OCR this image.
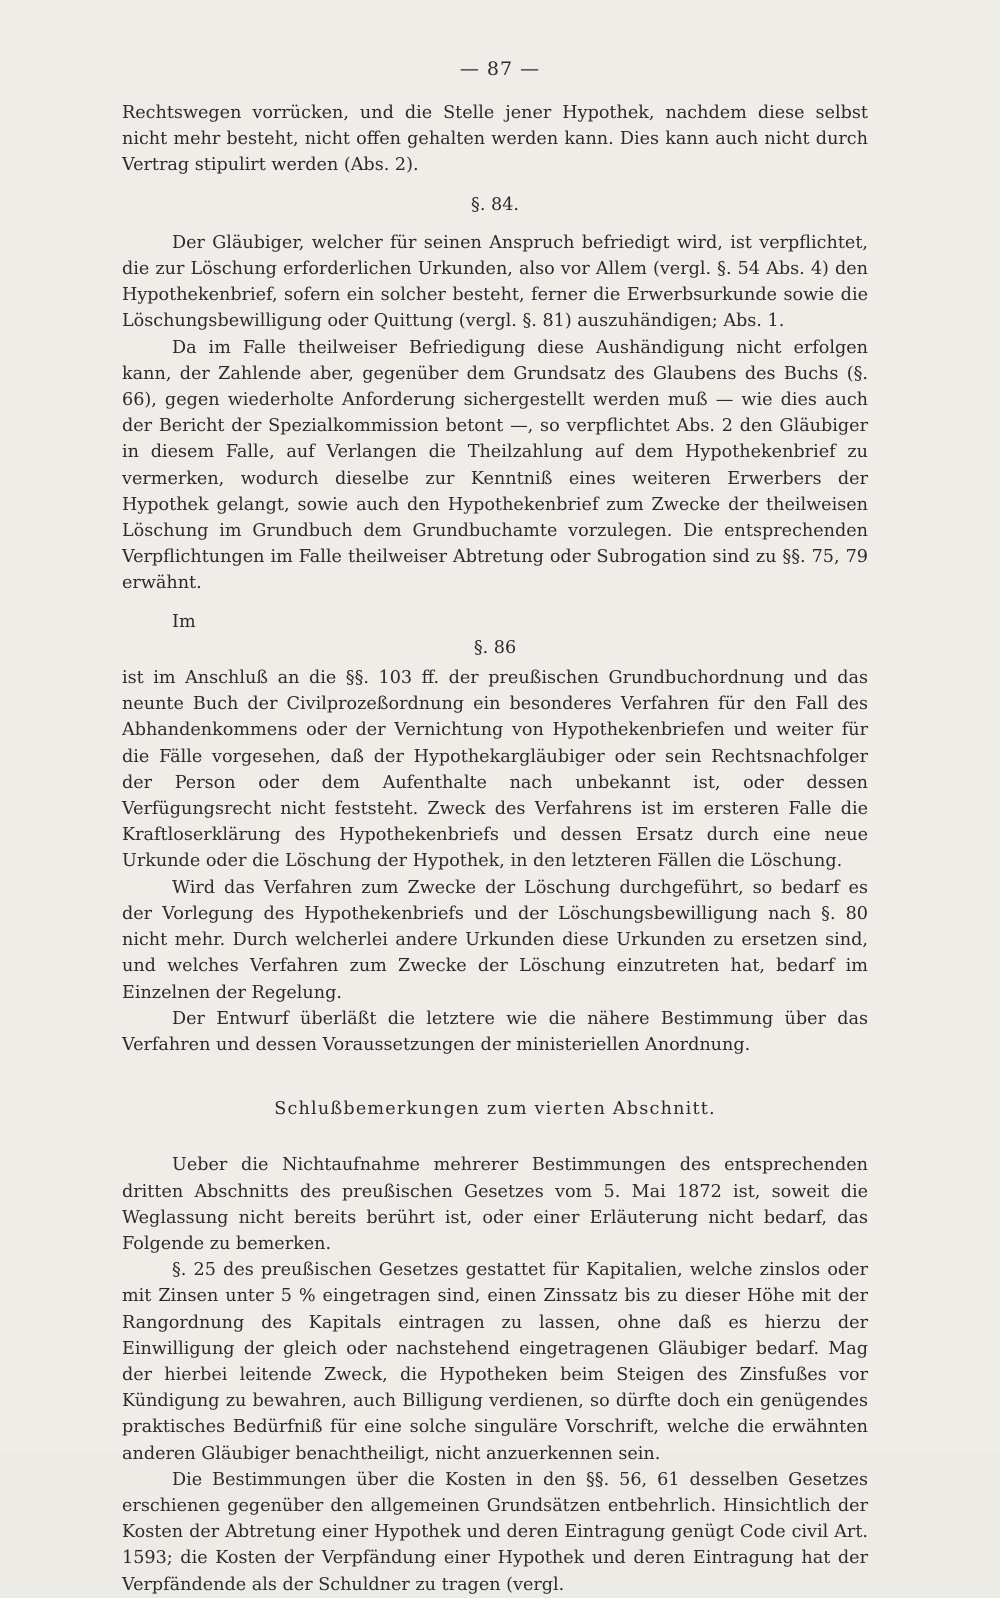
— 87 —

Rechtswegen vorrücken, und die Stelle jener Hypothek, nachdem diese selbst nicht mehr besteht, nicht offen gehalten werden kann. Dies kann auch nicht durch Vertrag stipulirt werden (Abs. 2).

§. 84.

Der Gläubiger, welcher für seinen Anspruch befriedigt wird, ist verpflichtet, die zur Löschung erforderlichen Urkunden, also vor Allem (vergl. §. 54 Abs. 4) den Hypothekenbrief, sofern ein solcher besteht, ferner die Erwerbsurkunde sowie die Löschungsbewilligung oder Quittung (vergl. §. 81) auszuhändigen; Abs. 1.

Da im Falle theilweiser Befriedigung diese Aushändigung nicht erfolgen kann, der Zahlende aber, gegenüber dem Grundsatz des Glaubens des Buchs (§. 66), gegen wiederholte Anforderung sichergestellt werden muß — wie dies auch der Bericht der Spezialkommission betont —, so verpflichtet Abs. 2 den Gläubiger in diesem Falle, auf Verlangen die Theilzahlung auf dem Hypothekenbrief zu vermerken, wodurch dieselbe zur Kenntniß eines weiteren Erwerbers der Hypothek gelangt, sowie auch den Hypothekenbrief zum Zwecke der theilweisen Löschung im Grundbuch dem Grundbuchamte vorzulegen. Die entsprechenden Verpflichtungen im Falle theilweiser Abtretung oder Subrogation sind zu §§. 75, 79 erwähnt.

Im

§. 86

ist im Anschluß an die §§. 103 ff. der preußischen Grundbuchordnung und das neunte Buch der Civilprozeßordnung ein besonderes Verfahren für den Fall des Abhandenkommens oder der Vernichtung von Hypothekenbriefen und weiter für die Fälle vorgesehen, daß der Hypothekargläubiger oder sein Rechtsnachfolger der Person oder dem Aufenthalte nach unbekannt ist, oder dessen Verfügungsrecht nicht feststeht. Zweck des Verfahrens ist im ersteren Falle die Kraftloserklärung des Hypothekenbriefs und dessen Ersatz durch eine neue Urkunde oder die Löschung der Hypothek, in den letzteren Fällen die Löschung.

Wird das Verfahren zum Zwecke der Löschung durchgeführt, so bedarf es der Vorlegung des Hypothekenbriefs und der Löschungsbewilligung nach §. 80 nicht mehr. Durch welcherlei andere Urkunden diese Urkunden zu ersetzen sind, und welches Verfahren zum Zwecke der Löschung einzutreten hat, bedarf im Einzelnen der Regelung.

Der Entwurf überläßt die letztere wie die nähere Bestimmung über das Verfahren und dessen Voraussetzungen der ministeriellen Anordnung.

Schlußbemerkungen zum vierten Abschnitt.

Ueber die Nichtaufnahme mehrerer Bestimmungen des entsprechenden dritten Abschnitts des preußischen Gesetzes vom 5. Mai 1872 ist, soweit die Weglassung nicht bereits berührt ist, oder einer Erläuterung nicht bedarf, das Folgende zu bemerken.

§. 25 des preußischen Gesetzes gestattet für Kapitalien, welche zinslos oder mit Zinsen unter 5 % eingetragen sind, einen Zinssatz bis zu dieser Höhe mit der Rangordnung des Kapitals eintragen zu lassen, ohne daß es hierzu der Einwilligung der gleich oder nachstehend eingetragenen Gläubiger bedarf. Mag der hierbei leitende Zweck, die Hypotheken beim Steigen des Zinsfußes vor Kündigung zu bewahren, auch Billigung verdienen, so dürfte doch ein genügendes praktisches Bedürfniß für eine solche singuläre Vorschrift, welche die erwähnten anderen Gläubiger benachtheiligt, nicht anzuerkennen sein.

Die Bestimmungen über die Kosten in den §§. 56, 61 desselben Gesetzes erschienen gegenüber den allgemeinen Grundsätzen entbehrlich. Hinsichtlich der Kosten der Abtretung einer Hypothek und deren Eintragung genügt Code civil Art. 1593; die Kosten der Verpfändung einer Hypothek und deren Eintragung hat der Verpfändende als der Schuldner zu tragen (vergl.
